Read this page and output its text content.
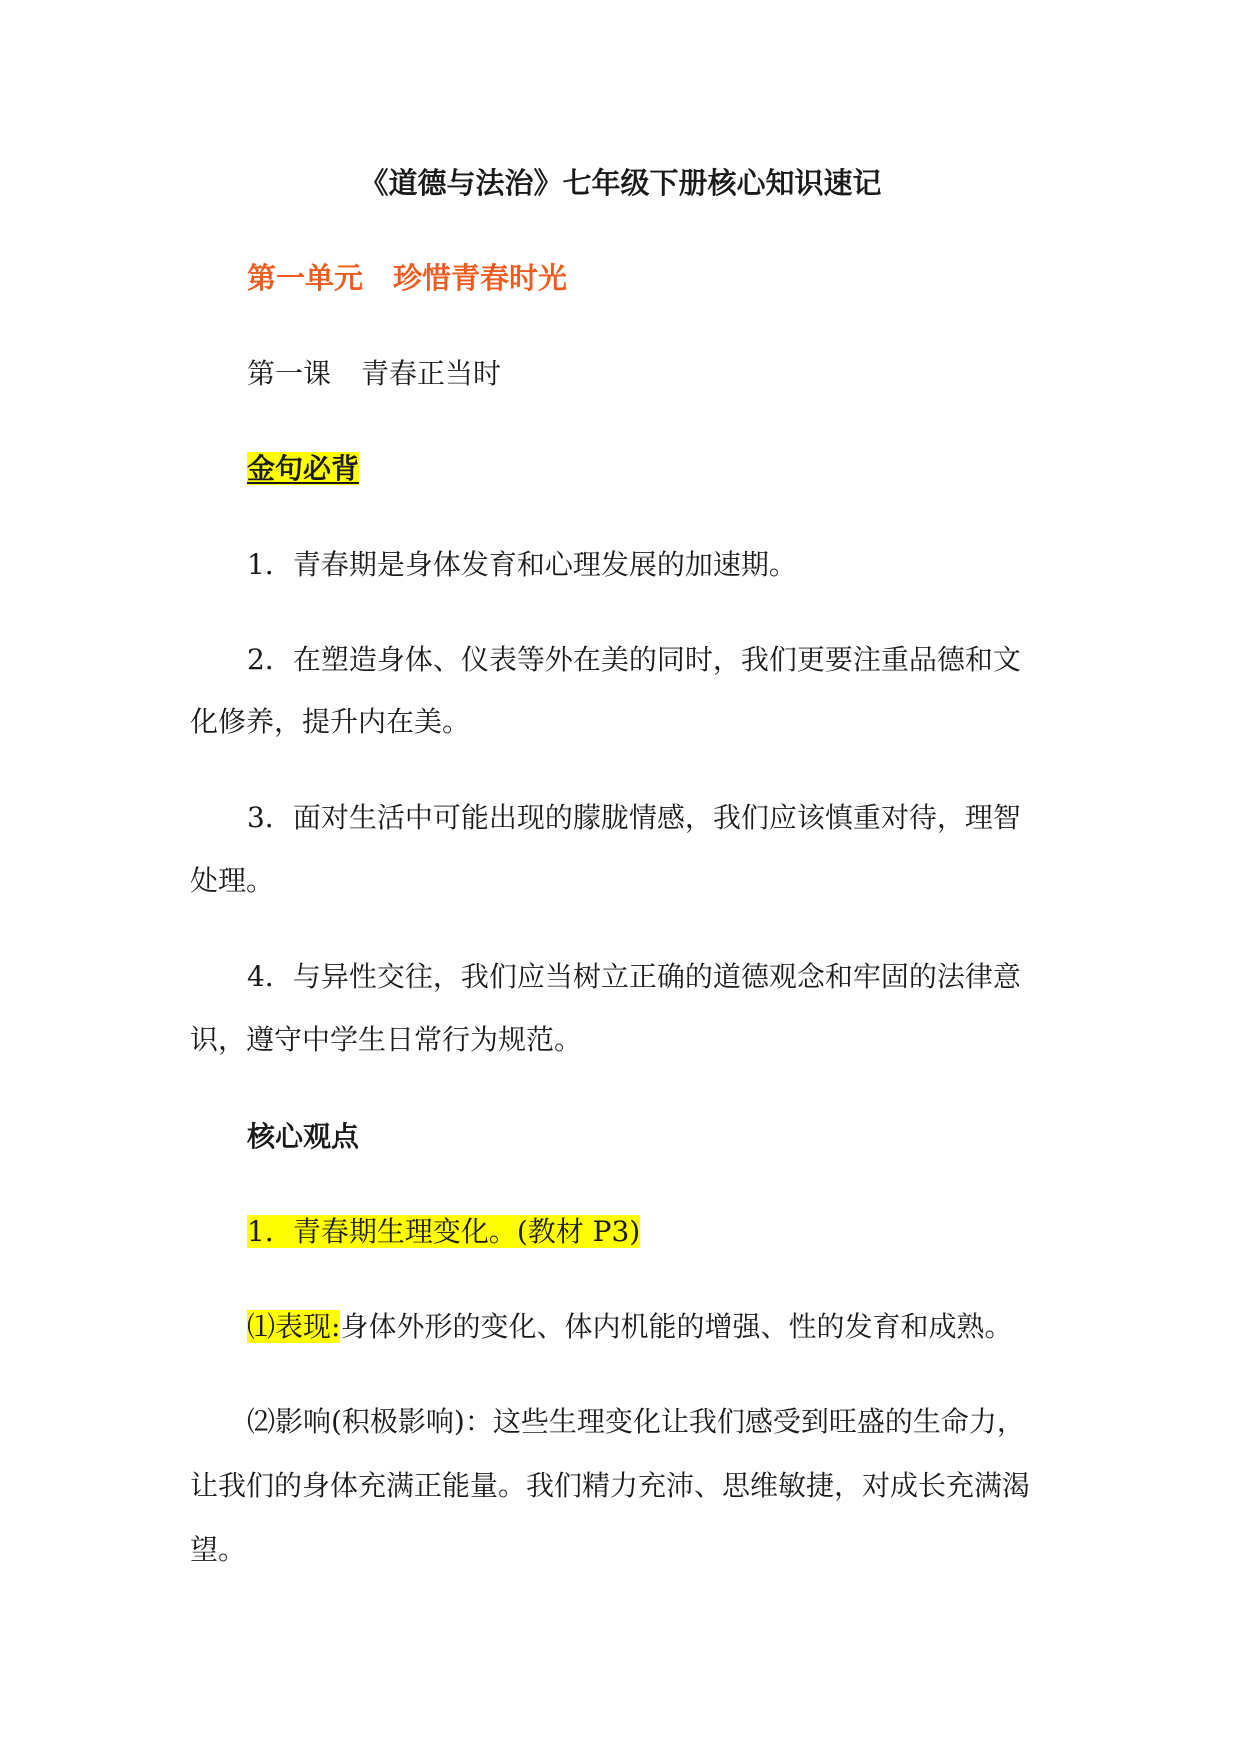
《道德与法治》七年级下册核心知识速记
第一单元 珍惜青春时光
第一课 青春正当时
金句必背
1．青春期是身体发育和心理发展的加速期。
2．在塑造身体、仪表等外在美的同时，我们更要注重品德和文
化修养，提升内在美。
3．面对生活中可能出现的朦胧情感，我们应该慎重对待，理智
处理。
4．与异性交往，我们应当树立正确的道德观念和牢固的法律意
识，遵守中学生日常行为规范。
核心观点
1．青春期生理变化。(教材 P3)
⑴表现:身体外形的变化、体内机能的增强、性的发育和成熟。
⑵影响(积极影响)：这些生理变化让我们感受到旺盛的生命力，
让我们的身体充满正能量。我们精力充沛、思维敏捷，对成长充满渴
望。
